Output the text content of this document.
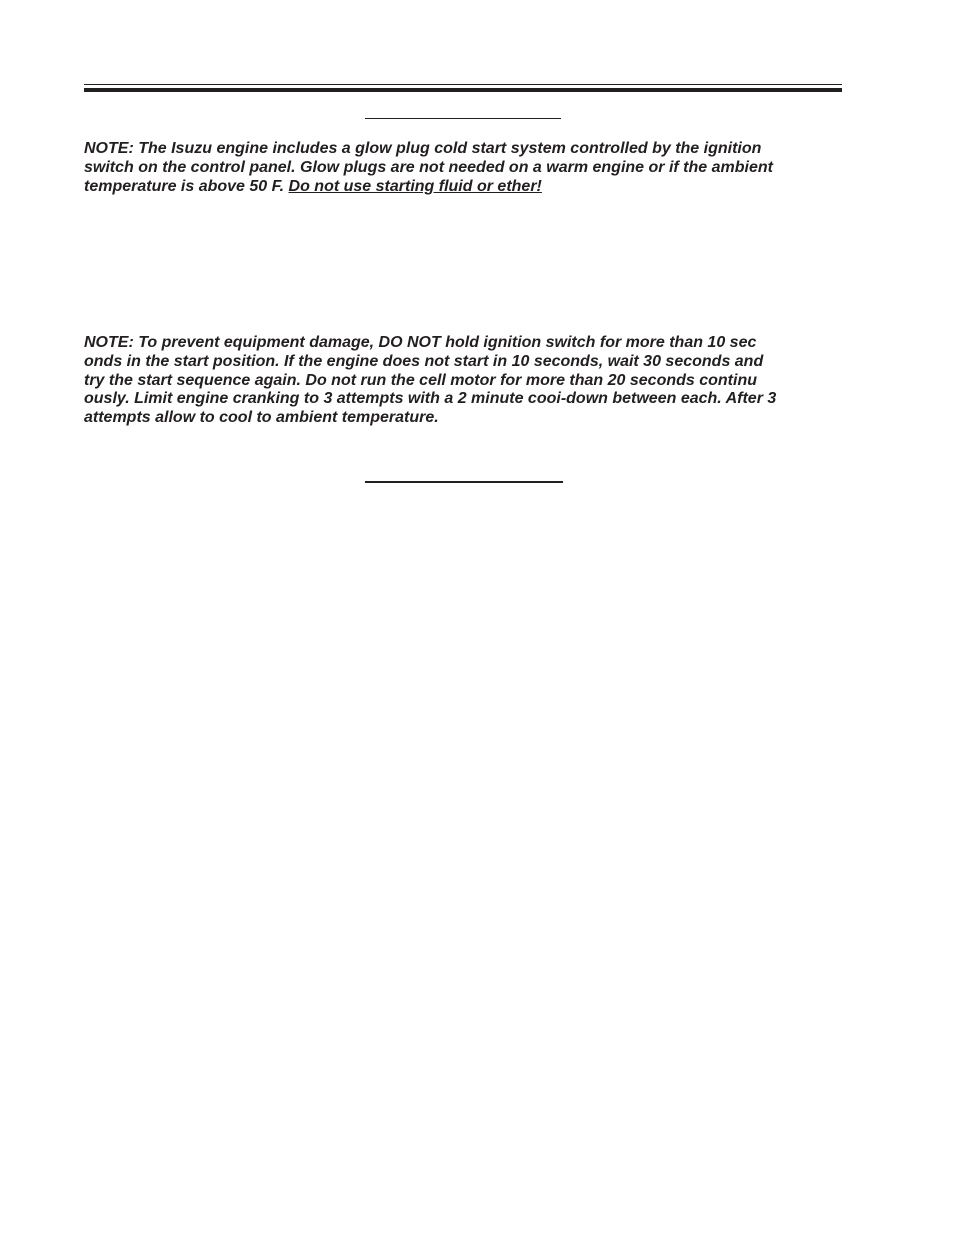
NOTE: The Isuzu engine includes a glow plug cold start system controlled by the ignition
switch on the control panel. Glow plugs are not needed on a warm engine or if the ambient
temperature is above 50 F. Do not use starting fluid or ether!

NOTE: To prevent equipment damage, DO NOT hold ignition switch for more than 10 sec
onds in the start position. If the engine does not start in 10 seconds, wait 30 seconds and
try the start sequence again. Do not run the cell motor for more than 20 seconds continu
ously. Limit engine cranking to 3 attempts with a 2 minute cooi-down between each. After 3
attempts allow to cool to ambient temperature.
